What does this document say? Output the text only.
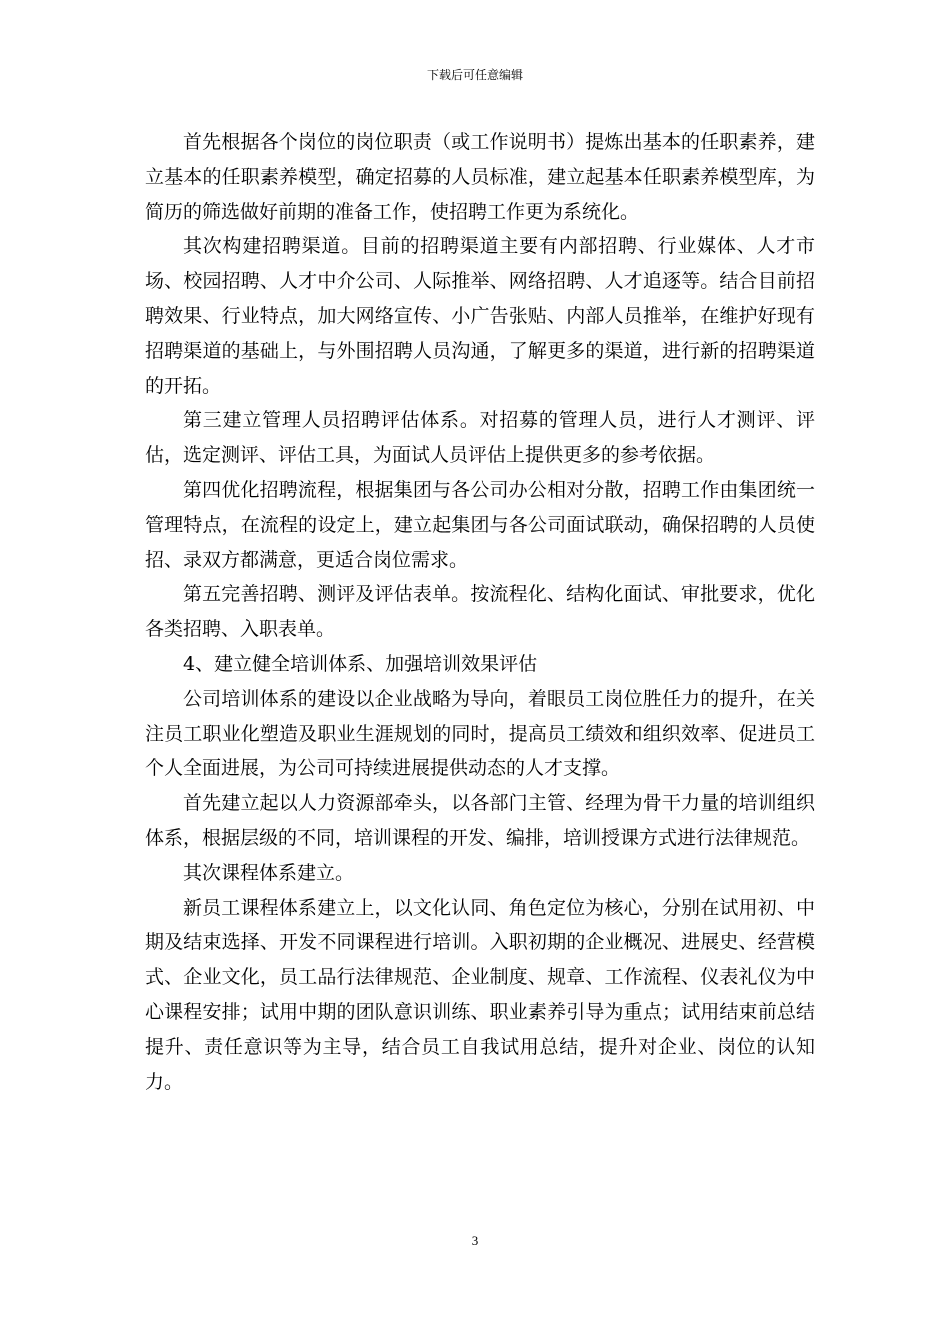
下载后可任意编辑

首先根据各个岗位的岗位职责（或工作说明书）提炼出基本的任职素养，建立基本的任职素养模型，确定招募的人员标准，建立起基本任职素养模型库，为简历的筛选做好前期的准备工作，使招聘工作更为系统化。

其次构建招聘渠道。目前的招聘渠道主要有内部招聘、行业媒体、人才市场、校园招聘、人才中介公司、人际推举、网络招聘、人才追逐等。结合目前招聘效果、行业特点，加大网络宣传、小广告张贴、内部人员推举，在维护好现有招聘渠道的基础上，与外围招聘人员沟通，了解更多的渠道，进行新的招聘渠道的开拓。

第三建立管理人员招聘评估体系。对招募的管理人员，进行人才测评、评估，选定测评、评估工具，为面试人员评估上提供更多的参考依据。

第四优化招聘流程，根据集团与各公司办公相对分散，招聘工作由集团统一管理特点，在流程的设定上，建立起集团与各公司面试联动，确保招聘的人员使招、录双方都满意，更适合岗位需求。

第五完善招聘、测评及评估表单。按流程化、结构化面试、审批要求，优化各类招聘、入职表单。

4、建立健全培训体系、加强培训效果评估

公司培训体系的建设以企业战略为导向，着眼员工岗位胜任力的提升，在关注员工职业化塑造及职业生涯规划的同时，提高员工绩效和组织效率、促进员工个人全面进展，为公司可持续进展提供动态的人才支撑。

首先建立起以人力资源部牵头，以各部门主管、经理为骨干力量的培训组织体系，根据层级的不同，培训课程的开发、编排，培训授课方式进行法律规范。

其次课程体系建立。

新员工课程体系建立上，以文化认同、角色定位为核心，分别在试用初、中期及结束选择、开发不同课程进行培训。入职初期的企业概况、进展史、经营模式、企业文化，员工品行法律规范、企业制度、规章、工作流程、仪表礼仪为中心课程安排；试用中期的团队意识训练、职业素养引导为重点；试用结束前总结提升、责任意识等为主导，结合员工自我试用总结，提升对企业、岗位的认知力。

3
